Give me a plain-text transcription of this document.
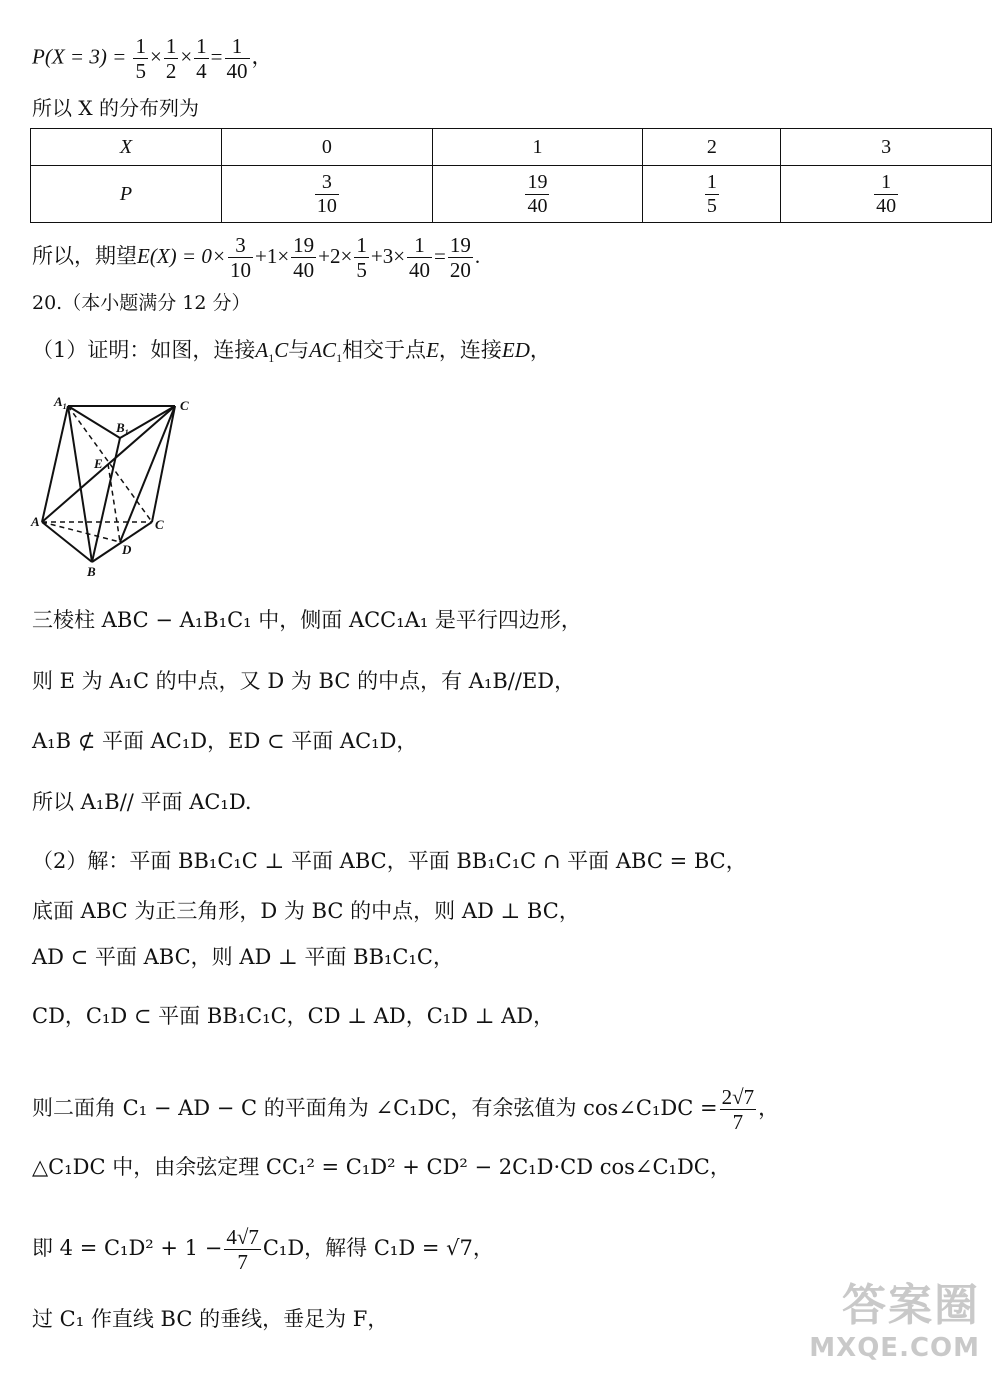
$P(X = 3) = \frac{1}{5} \times \frac{1}{2} \times \frac{1}{4} = \frac{1}{40}$ ，
所以 X 的分布列为
X	0	1	2	3
P	$\frac{3}{10}$	$\frac{19}{40}$	$\frac{1}{5}$	$\frac{1}{40}$
所以，期望$E(X) = 0\times \frac{3}{10} +1\times \frac{19}{40} +2\times \frac{1}{5} +3\times \frac{1}{40} = \frac{19}{20}$ .
20.（本小题满分 12 分）
（1）证明：如图，连接$A_1C$与$AC_1$相交于点E，连接ED，
$A_1$	C
$B_1$
E
A	C
D
B
三棱柱 ABC − A₁B₁C₁ 中，侧面 ACC₁A₁ 是平行四边形，
则 E 为 A₁C 的中点，又 D 为 BC 的中点，有 A₁B//ED，
A₁B ⊄ 平面 AC₁D，ED ⊂ 平面 AC₁D，
所以 A₁B// 平面 AC₁D.
（2）解：平面 BB₁C₁C ⊥ 平面 ABC，平面 BB₁C₁C ∩ 平面 ABC = BC，
底面 ABC 为正三角形，D 为 BC 的中点，则 AD ⊥ BC，
AD ⊂ 平面 ABC，则 AD ⊥ 平面 BB₁C₁C，
CD，C₁D ⊂ 平面 BB₁C₁C，CD ⊥ AD，C₁D ⊥ AD，
则二面角 C₁ − AD − C 的平面角为 ∠C₁DC，有余弦值为 cos∠C₁DC = $\frac{2√7}{7}$ ，
△C₁DC 中，由余弦定理 CC₁² = C₁D² + CD² − 2C₁D·CD cos∠C₁DC，
即 $4 = C_1D^2 + 1 - \frac{4√7}{7} C_1D$，解得 C₁D = √7，
过 C₁ 作直线 BC 的垂线，垂足为 F，	答案圈
MXQE.COM
